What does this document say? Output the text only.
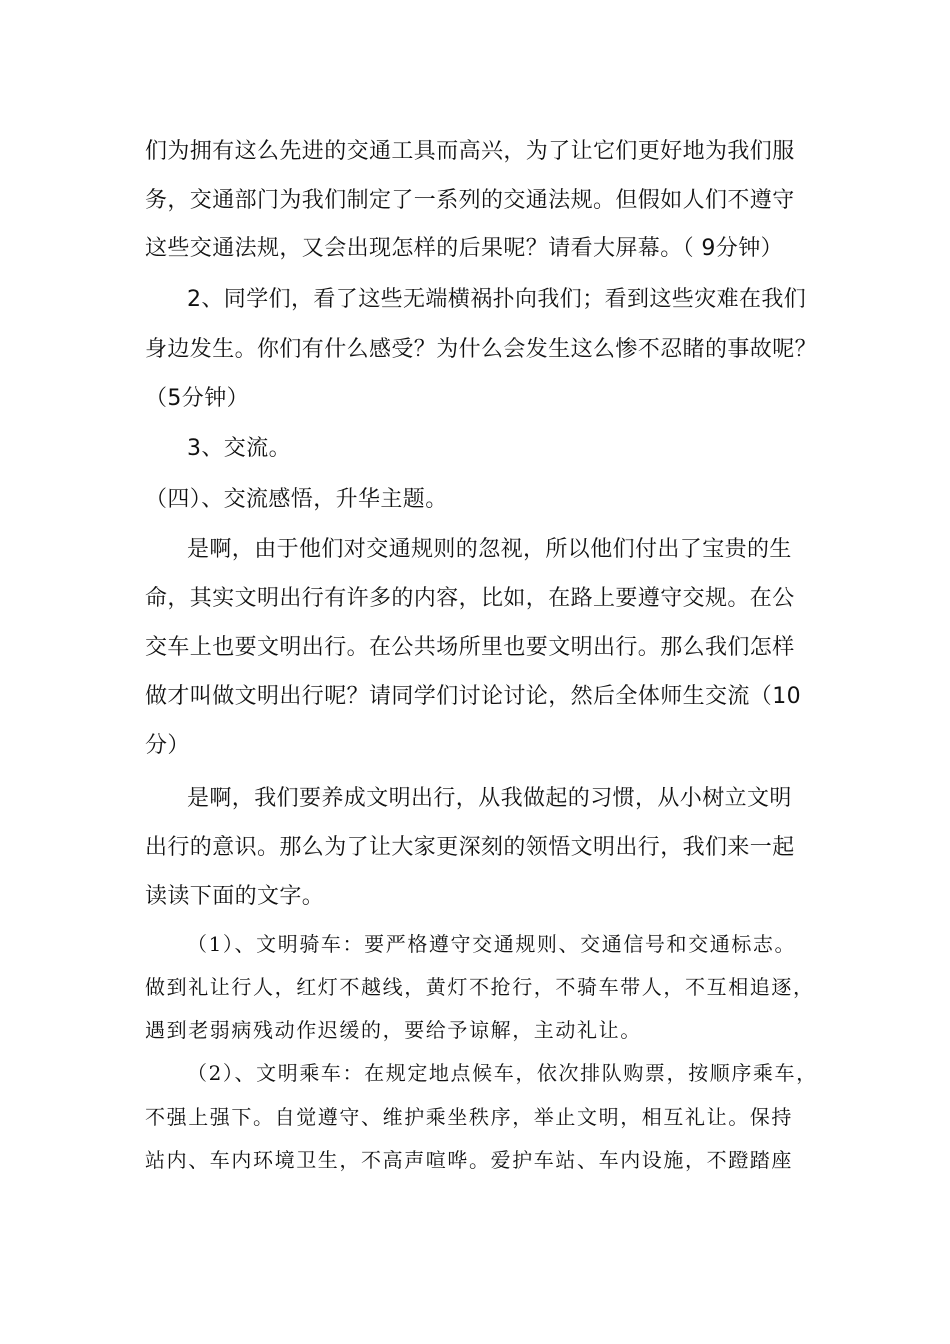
们为拥有这么先进的交通工具而高兴，为了让它们更好地为我们服
务，交通部门为我们制定了一系列的交通法规。但假如人们不遵守
这些交通法规，又会出现怎样的后果呢？请看大屏幕。（ 9分钟）
2、同学们，看了这些无端横祸扑向我们；看到这些灾难在我们
身边发生。你们有什么感受？为什么会发生这么惨不忍睹的事故呢？
（5分钟）
3、交流。
（四）、交流感悟，升华主题。
是啊，由于他们对交通规则的忽视，所以他们付出了宝贵的生
命，其实文明出行有许多的内容，比如，在路上要遵守交规。在公
交车上也要文明出行。在公共场所里也要文明出行。那么我们怎样
做才叫做文明出行呢？请同学们讨论讨论，然后全体师生交流（10
分）
是啊，我们要养成文明出行，从我做起的习惯，从小树立文明
出行的意识。那么为了让大家更深刻的领悟文明出行，我们来一起
读读下面的文字。
（1）、文明骑车：要严格遵守交通规则、交通信号和交通标志。
做到礼让行人，红灯不越线，黄灯不抢行，不骑车带人，不互相追逐，
遇到老弱病残动作迟缓的，要给予谅解，主动礼让。
（2）、文明乘车：在规定地点候车，依次排队购票，按顺序乘车，
不强上强下。自觉遵守、维护乘坐秩序，举止文明，相互礼让。保持
站内、车内环境卫生，不高声喧哗。爱护车站、车内设施，不蹬踏座
